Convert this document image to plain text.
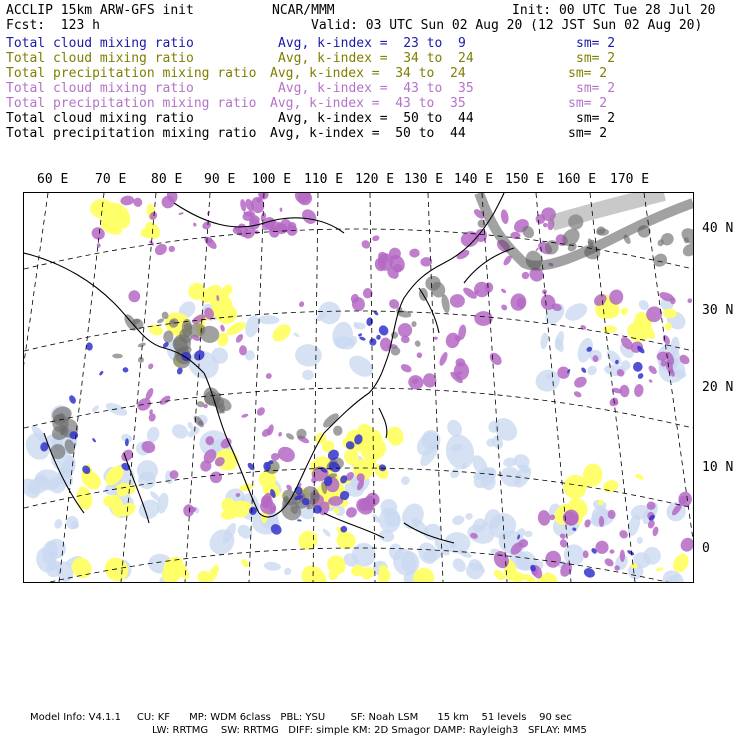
ACCLIP 15km ARW-GFS init	NCAR/MMM	Init: 00 UTC Tue 28 Jul 20
Fcst:  123 h	Valid: 03 UTC Sun 02 Aug 20 (12 JST Sun 02 Aug 20)
Total cloud mixing ratio	Avg, k-index =  23 to  9	sm= 2
Total cloud mixing ratio	Avg, k-index =  34 to  24	sm= 2
Total precipitation mixing ratio Avg, k-index =  34 to  24	sm= 2
Total cloud mixing ratio	Avg, k-index =  43 to  35	sm= 2
Total precipitation mixing ratio Avg, k-index =  43 to  35	sm= 2
Total cloud mixing ratio	Avg, k-index =  50 to  44	sm= 2
Total precipitation mixing ratio Avg, k-index =  50 to  44	sm= 2
60 E 70 E 80 E 90 E 100 E 110 E 120 E 130 E 140 E 150 E 160 E 170 E
40 N
30 N
20 N
10 N
0
Model Info: V4.1.1     CU: KF      MP: WDM 6class   PBL: YSU        SF: Noah LSM      15 km    51 levels    90 sec
LW: RRTMG    SW: RRTMG   DIFF: simple KM: 2D Smagor DAMP: Rayleigh3   SFLAY: MM5
